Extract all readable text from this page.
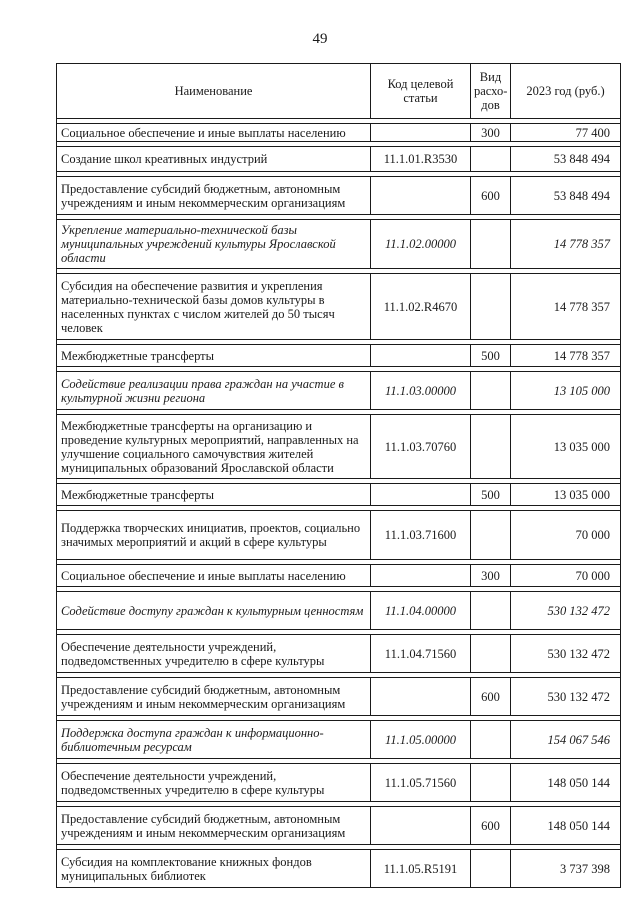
49
Наименование	Код целевой статьи	Вид расхо- дов	2023 год (руб.)

Социальное обеспечение и иные выплаты населению		300	77 400

Создание школ креативных индустрий	11.1.01.R3530		53 848 494

Предоставление субсидий бюджетным, автономным учреждениям и иным некоммерческим организациям		600	53 848 494

Укрепление материально-технической базы муниципальных учреждений культуры Ярославской области	11.1.02.00000		14 778 357

Субсидия на обеспечение развития и укрепления материально-технической базы домов культуры в населенных пунктах с числом жителей до 50 тысяч человек	11.1.02.R4670		14 778 357

Межбюджетные трансферты		500	14 778 357

Содействие реализации права граждан на участие в культурной жизни региона	11.1.03.00000		13 105 000

Межбюджетные трансферты на организацию и проведение культурных мероприятий, направленных на улучшение социального самочувствия жителей муниципальных образований Ярославской области	11.1.03.70760		13 035 000

Межбюджетные трансферты		500	13 035 000

Поддержка творческих инициатив, проектов, социально значимых мероприятий и акций в сфере культуры	11.1.03.71600		70 000

Социальное обеспечение и иные выплаты населению		300	70 000

Содействие доступу граждан к культурным ценностям	11.1.04.00000		530 132 472

Обеспечение деятельности учреждений, подведомственных учредителю в сфере культуры	11.1.04.71560		530 132 472

Предоставление субсидий бюджетным, автономным учреждениям и иным некоммерческим организациям		600	530 132 472

Поддержка доступа граждан к информационно-библиотечным ресурсам	11.1.05.00000		154 067 546

Обеспечение деятельности учреждений, подведомственных учредителю в сфере культуры	11.1.05.71560		148 050 144

Предоставление субсидий бюджетным, автономным учреждениям и иным некоммерческим организациям		600	148 050 144

Субсидия на комплектование книжных фондов муниципальных библиотек	11.1.05.R5191		3 737 398
